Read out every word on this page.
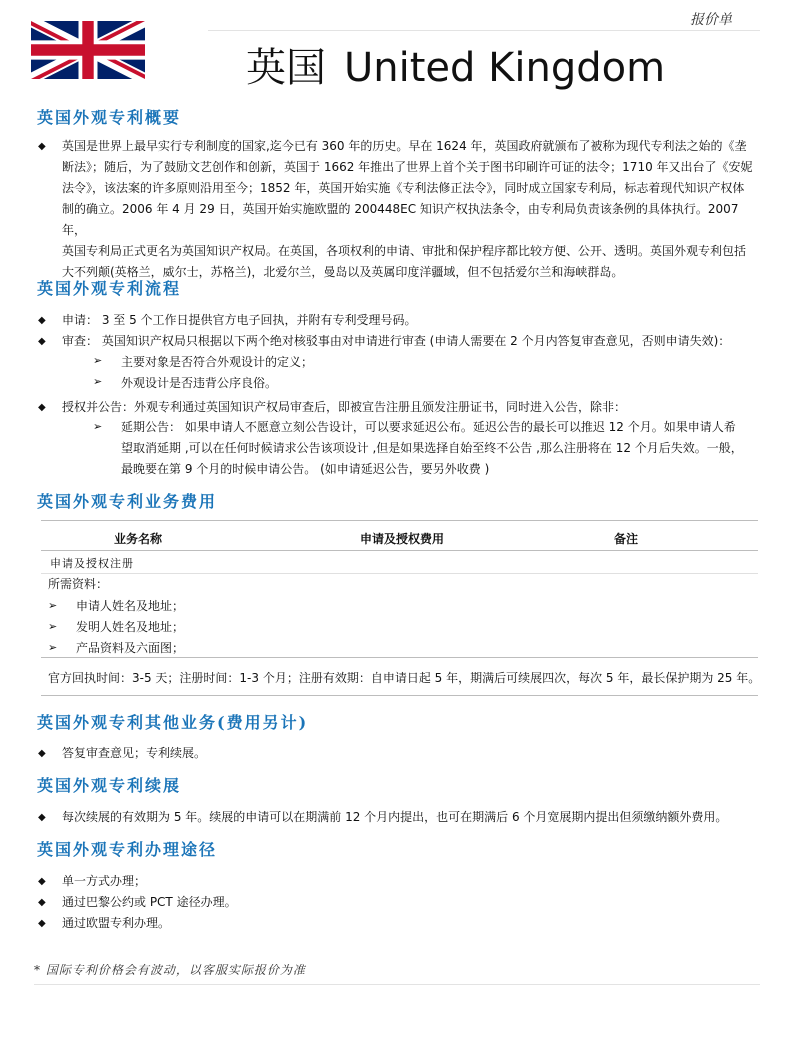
报价单
英国 United Kingdom
英国外观专利概要
◆ 英国是世界上最早实行专利制度的国家,迄今已有 360 年的历史。早在 1624 年，英国政府就颁布了被称为现代专利法之始的《垄
断法》；随后，为了鼓励文艺创作和创新，英国于 1662 年推出了世界上首个关于图书印刷许可证的法令；1710 年又出台了《安妮
法令》，该法案的许多原则沿用至今；1852 年，英国开始实施《专利法修正法令》，同时成立国家专利局，标志着现代知识产权体
制的确立。2006 年 4 月 29 日，英国开始实施欧盟的 200448EC 知识产权执法条令，由专利局负责该条例的具体执行。2007 年，
英国专利局正式更名为英国知识产权局。在英国，各项权利的申请、审批和保护程序都比较方便、公开、透明。英国外观专利包括
大不列颠(英格兰，威尔士，苏格兰)，北爱尔兰，曼岛以及英属印度洋疆域，但不包括爱尔兰和海峡群岛。
英国外观专利流程
◆ 申请： 3 至 5 个工作日提供官方电子回执，并附有专利受理号码。
◆ 审查： 英国知识产权局只根据以下两个绝对核驳事由对申请进行审查 (申请人需要在 2 个月内答复审查意见，否则申请失效)：
➢ 主要对象是否符合外观设计的定义；
➢ 外观设计是否违背公序良俗。
◆ 授权并公告：外观专利通过英国知识产权局审查后，即被宣告注册且颁发注册证书，同时进入公告，除非：
➢ 延期公告： 如果申请人不愿意立刻公告设计，可以要求延迟公布。延迟公告的最长可以推迟 12 个月。如果申请人希
望取消延期 ,可以在任何时候请求公告该项设计 ,但是如果选择自始至终不公告 ,那么注册将在 12 个月后失效。一般，
最晚要在第 9 个月的时候申请公告。 (如申请延迟公告，要另外收费 )
英国外观专利业务费用
业务名称	申请及授权费用	备注
申请及授权注册
所需资料：
➢ 申请人姓名及地址；
➢ 发明人姓名及地址；
➢ 产品资料及六面图；
官方回执时间：3-5 天；注册时间：1-3 个月；注册有效期：自申请日起 5 年，期满后可续展四次，每次 5 年，最长保护期为 25 年。
英国外观专利其他业务(费用另计)
◆ 答复审查意见；专利续展。
英国外观专利续展
◆ 每次续展的有效期为 5 年。续展的申请可以在期满前 12 个月内提出，也可在期满后 6 个月宽展期内提出但须缴纳额外费用。
英国外观专利办理途径
◆ 单一方式办理；
◆ 通过巴黎公约或 PCT 途径办理。
◆ 通过欧盟专利办理。
* 国际专利价格会有波动，以客服实际报价为准
